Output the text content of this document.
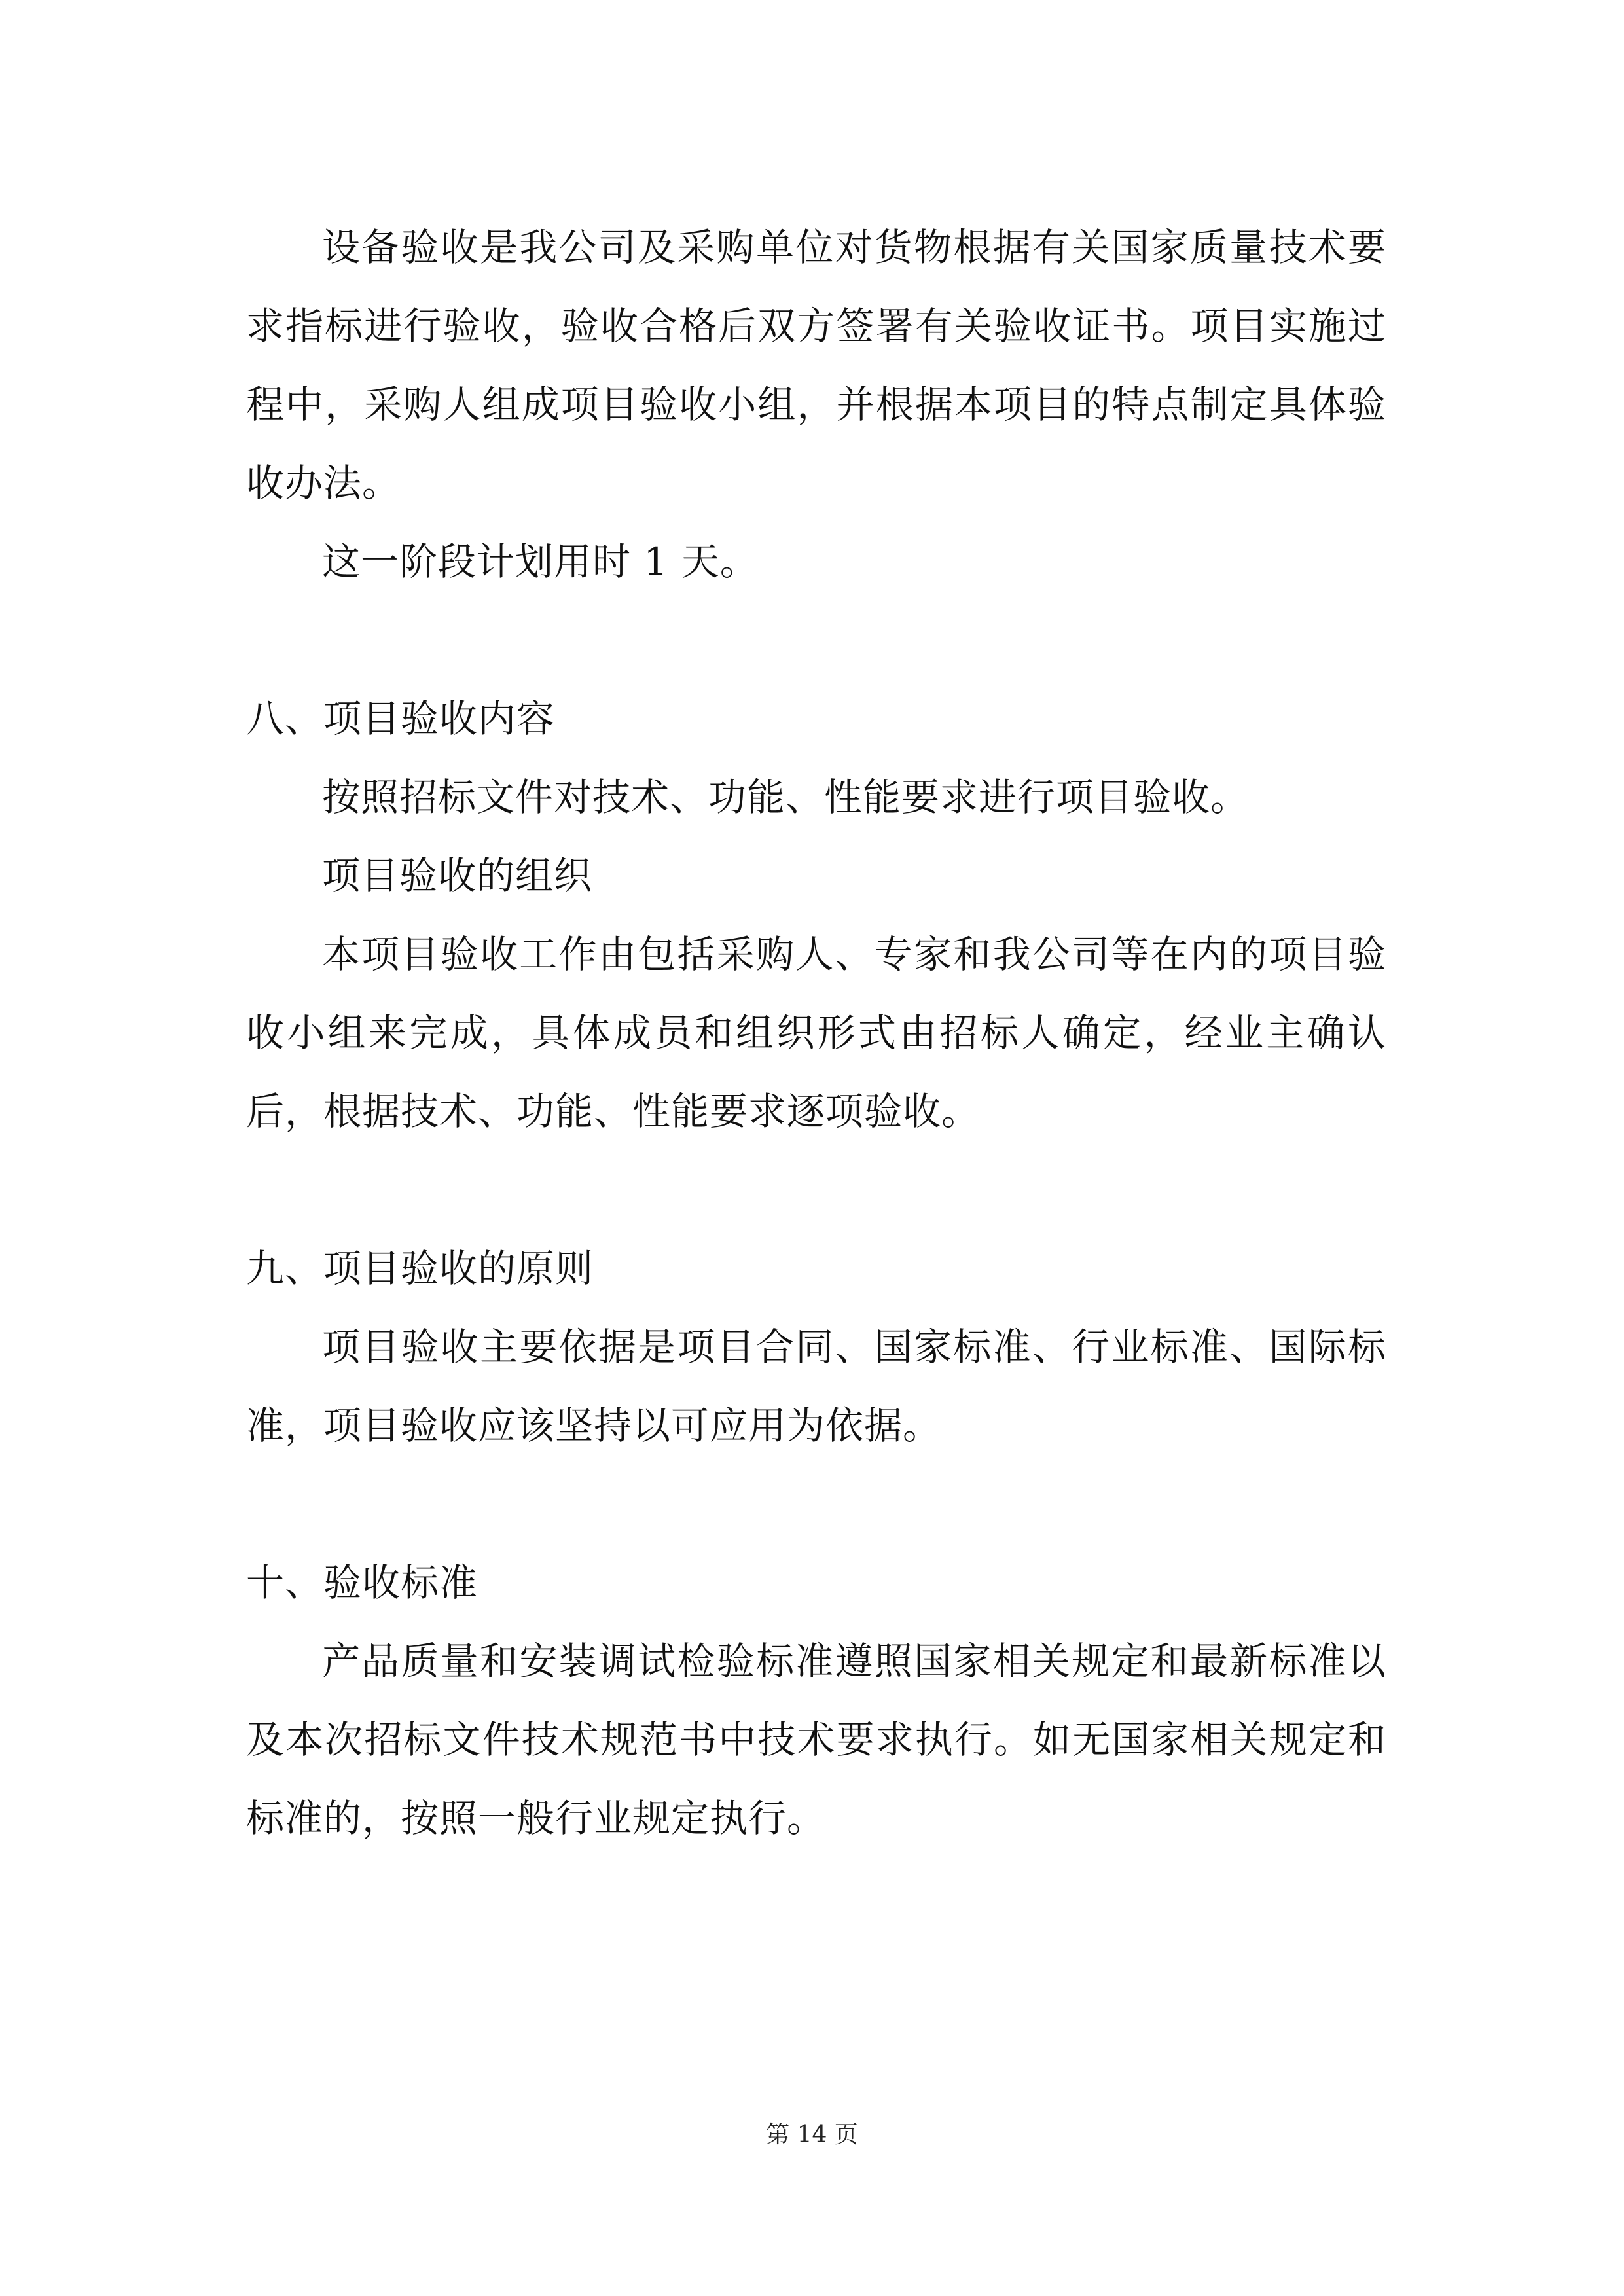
设备验收是我公司及采购单位对货物根据有关国家质量技术要求指标进行验收，验收合格后双方签署有关验收证书。项目实施过程中，采购人组成项目验收小组，并根据本项目的特点制定具体验收办法。

这一阶段计划用时 1 天。

八、项目验收内容

按照招标文件对技术、功能、性能要求进行项目验收。

项目验收的组织

本项目验收工作由包括采购人、专家和我公司等在内的项目验收小组来完成，具体成员和组织形式由招标人确定，经业主确认后，根据技术、功能、性能要求逐项验收。

九、项目验收的原则

项目验收主要依据是项目合同、国家标准、行业标准、国际标准，项目验收应该坚持以可应用为依据。

十、验收标准

产品质量和安装调试检验标准遵照国家相关规定和最新标准以及本次招标文件技术规范书中技术要求执行。如无国家相关规定和标准的，按照一般行业规定执行。

第 14 页
